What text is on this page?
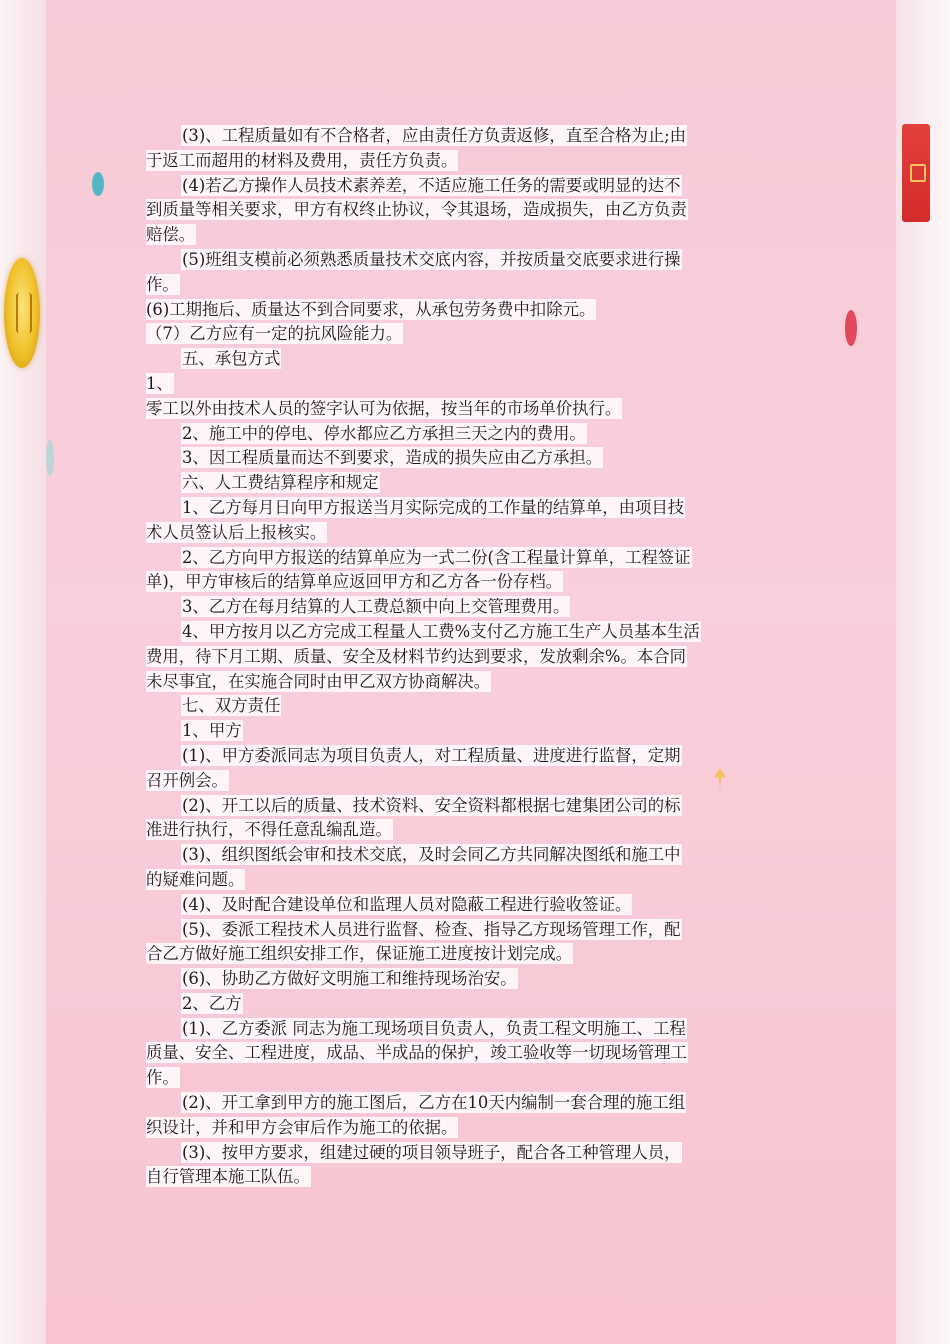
(3)、工程质量如有不合格者，应由责任方负责返修，直至合格为止;由
于返工而超用的材料及费用，责任方负责。
(4)若乙方操作人员技术素养差，不适应施工任务的需要或明显的达不
到质量等相关要求，甲方有权终止协议，令其退场，造成损失，由乙方负责
赔偿。
(5)班组支模前必须熟悉质量技术交底内容，并按质量交底要求进行操
作。
(6)工期拖后、质量达不到合同要求，从承包劳务费中扣除元。
（7）乙方应有一定的抗风险能力。
五、承包方式
1、
零工以外由技术人员的签字认可为依据，按当年的市场单价执行。
2、施工中的停电、停水都应乙方承担三天之内的费用。
3、因工程质量而达不到要求，造成的损失应由乙方承担。
六、人工费结算程序和规定
1、乙方每月日向甲方报送当月实际完成的工作量的结算单，由项目技
术人员签认后上报核实。
2、乙方向甲方报送的结算单应为一式二份(含工程量计算单，工程签证
单)，甲方审核后的结算单应返回甲方和乙方各一份存档。
3、乙方在每月结算的人工费总额中向上交管理费用。
4、甲方按月以乙方完成工程量人工费%支付乙方施工生产人员基本生活
费用，待下月工期、质量、安全及材料节约达到要求，发放剩余%。本合同
未尽事宜，在实施合同时由甲乙双方协商解决。
七、双方责任
1、甲方
(1)、甲方委派同志为项目负责人，对工程质量、进度进行监督，定期
召开例会。
(2)、开工以后的质量、技术资料、安全资料都根据七建集团公司的标
准进行执行，不得任意乱编乱造。
(3)、组织图纸会审和技术交底，及时会同乙方共同解决图纸和施工中
的疑难问题。
(4)、及时配合建设单位和监理人员对隐蔽工程进行验收签证。
(5)、委派工程技术人员进行监督、检查、指导乙方现场管理工作，配
合乙方做好施工组织安排工作，保证施工进度按计划完成。
(6)、协助乙方做好文明施工和维持现场治安。
2、乙方
(1)、乙方委派 同志为施工现场项目负责人，负责工程文明施工、工程
质量、安全、工程进度，成品、半成品的保护，竣工验收等一切现场管理工
作。
(2)、开工拿到甲方的施工图后，乙方在10天内编制一套合理的施工组
织设计，并和甲方会审后作为施工的依据。
(3)、按甲方要求，组建过硬的项目领导班子，配合各工种管理人员，
自行管理本施工队伍。
